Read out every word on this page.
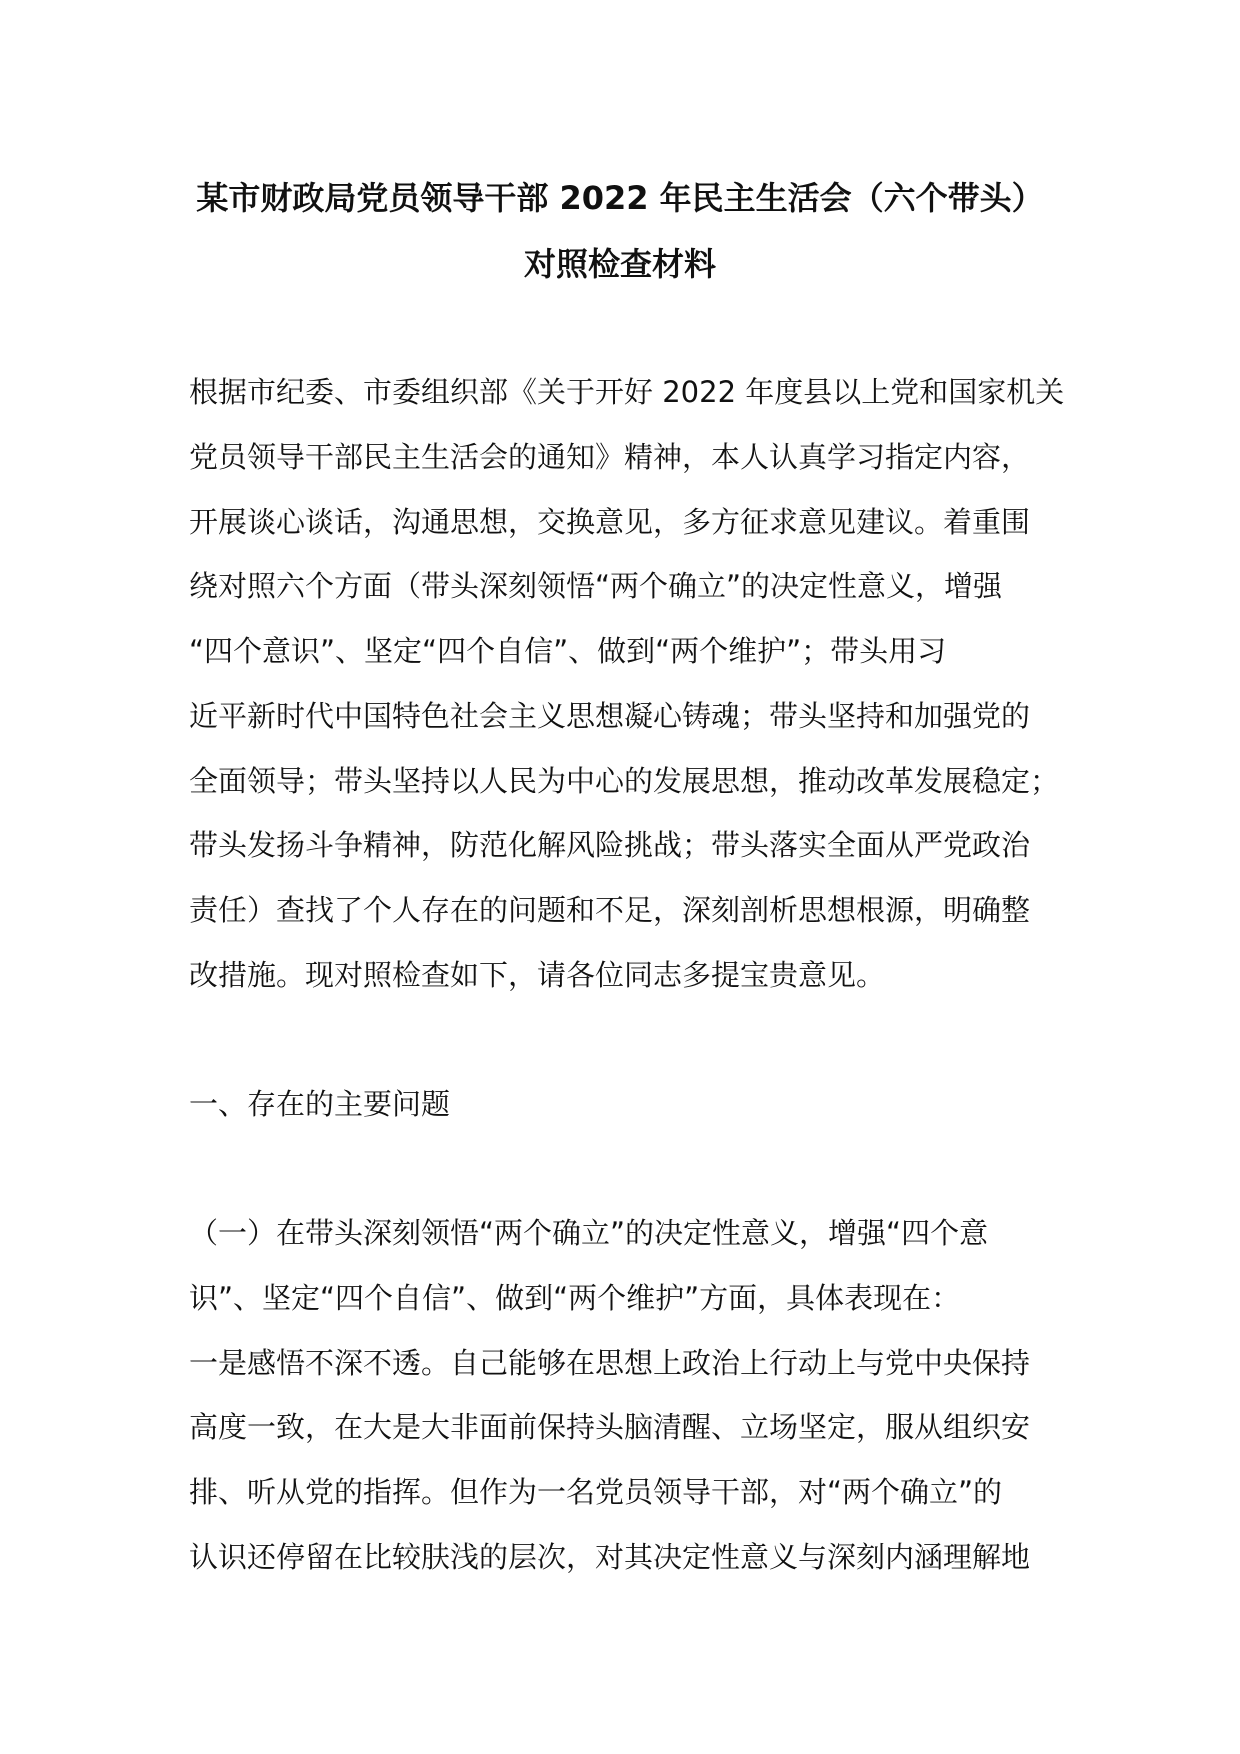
某市财政局党员领导干部 2022 年民主生活会（六个带头）
对照检查材料

根据市纪委、市委组织部《关于开好 2022 年度县以上党和国家机关

党员领导干部民主生活会的通知》精神，本人认真学习指定内容，

开展谈心谈话，沟通思想，交换意见，多方征求意见建议。着重围

绕对照六个方面（带头深刻领悟“两个确立”的决定性意义，增强

“四个意识”、坚定“四个自信”、做到“两个维护”；带头用习

近平新时代中国特色社会主义思想凝心铸魂；带头坚持和加强党的

全面领导；带头坚持以人民为中心的发展思想，推动改革发展稳定；

带头发扬斗争精神，防范化解风险挑战；带头落实全面从严党政治

责任）查找了个人存在的问题和不足，深刻剖析思想根源，明确整

改措施。现对照检查如下，请各位同志多提宝贵意见。

一、存在的主要问题

（一）在带头深刻领悟“两个确立”的决定性意义，增强“四个意

识”、坚定“四个自信”、做到“两个维护”方面，具体表现在：

一是感悟不深不透。自己能够在思想上政治上行动上与党中央保持

高度一致，在大是大非面前保持头脑清醒、立场坚定，服从组织安

排、听从党的指挥。但作为一名党员领导干部，对“两个确立”的

认识还停留在比较肤浅的层次，对其决定性意义与深刻内涵理解地
